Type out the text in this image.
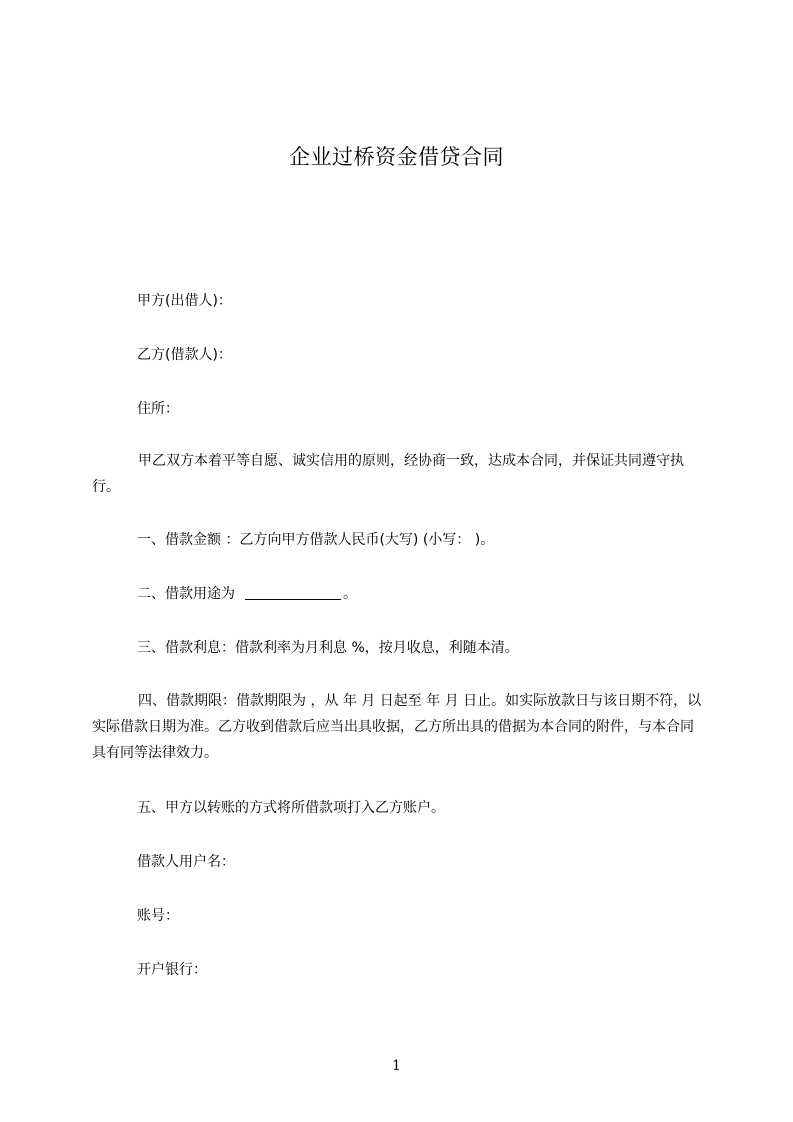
企业过桥资金借贷合同

甲方(出借人)：

乙方(借款人)：

住所：

甲乙双方本着平等自愿、诚实信用的原则，经协商一致，达成本合同，并保证共同遵守执行。

一、借款金额 ：乙方向甲方借款人民币(大写) (小写： )。

二、借款用途为	。

三、借款利息：借款利率为月利息 %，按月收息，利随本清。

四、借款期限：借款期限为 ，从 年 月 日起至 年 月 日止。如实际放款日与该日期不符，以实际借款日期为准。乙方收到借款后应当出具收据，乙方所出具的借据为本合同的附件，与本合同具有同等法律效力。

五、甲方以转账的方式将所借款项打入乙方账户。

借款人用户名：

账号：

开户银行：

1
